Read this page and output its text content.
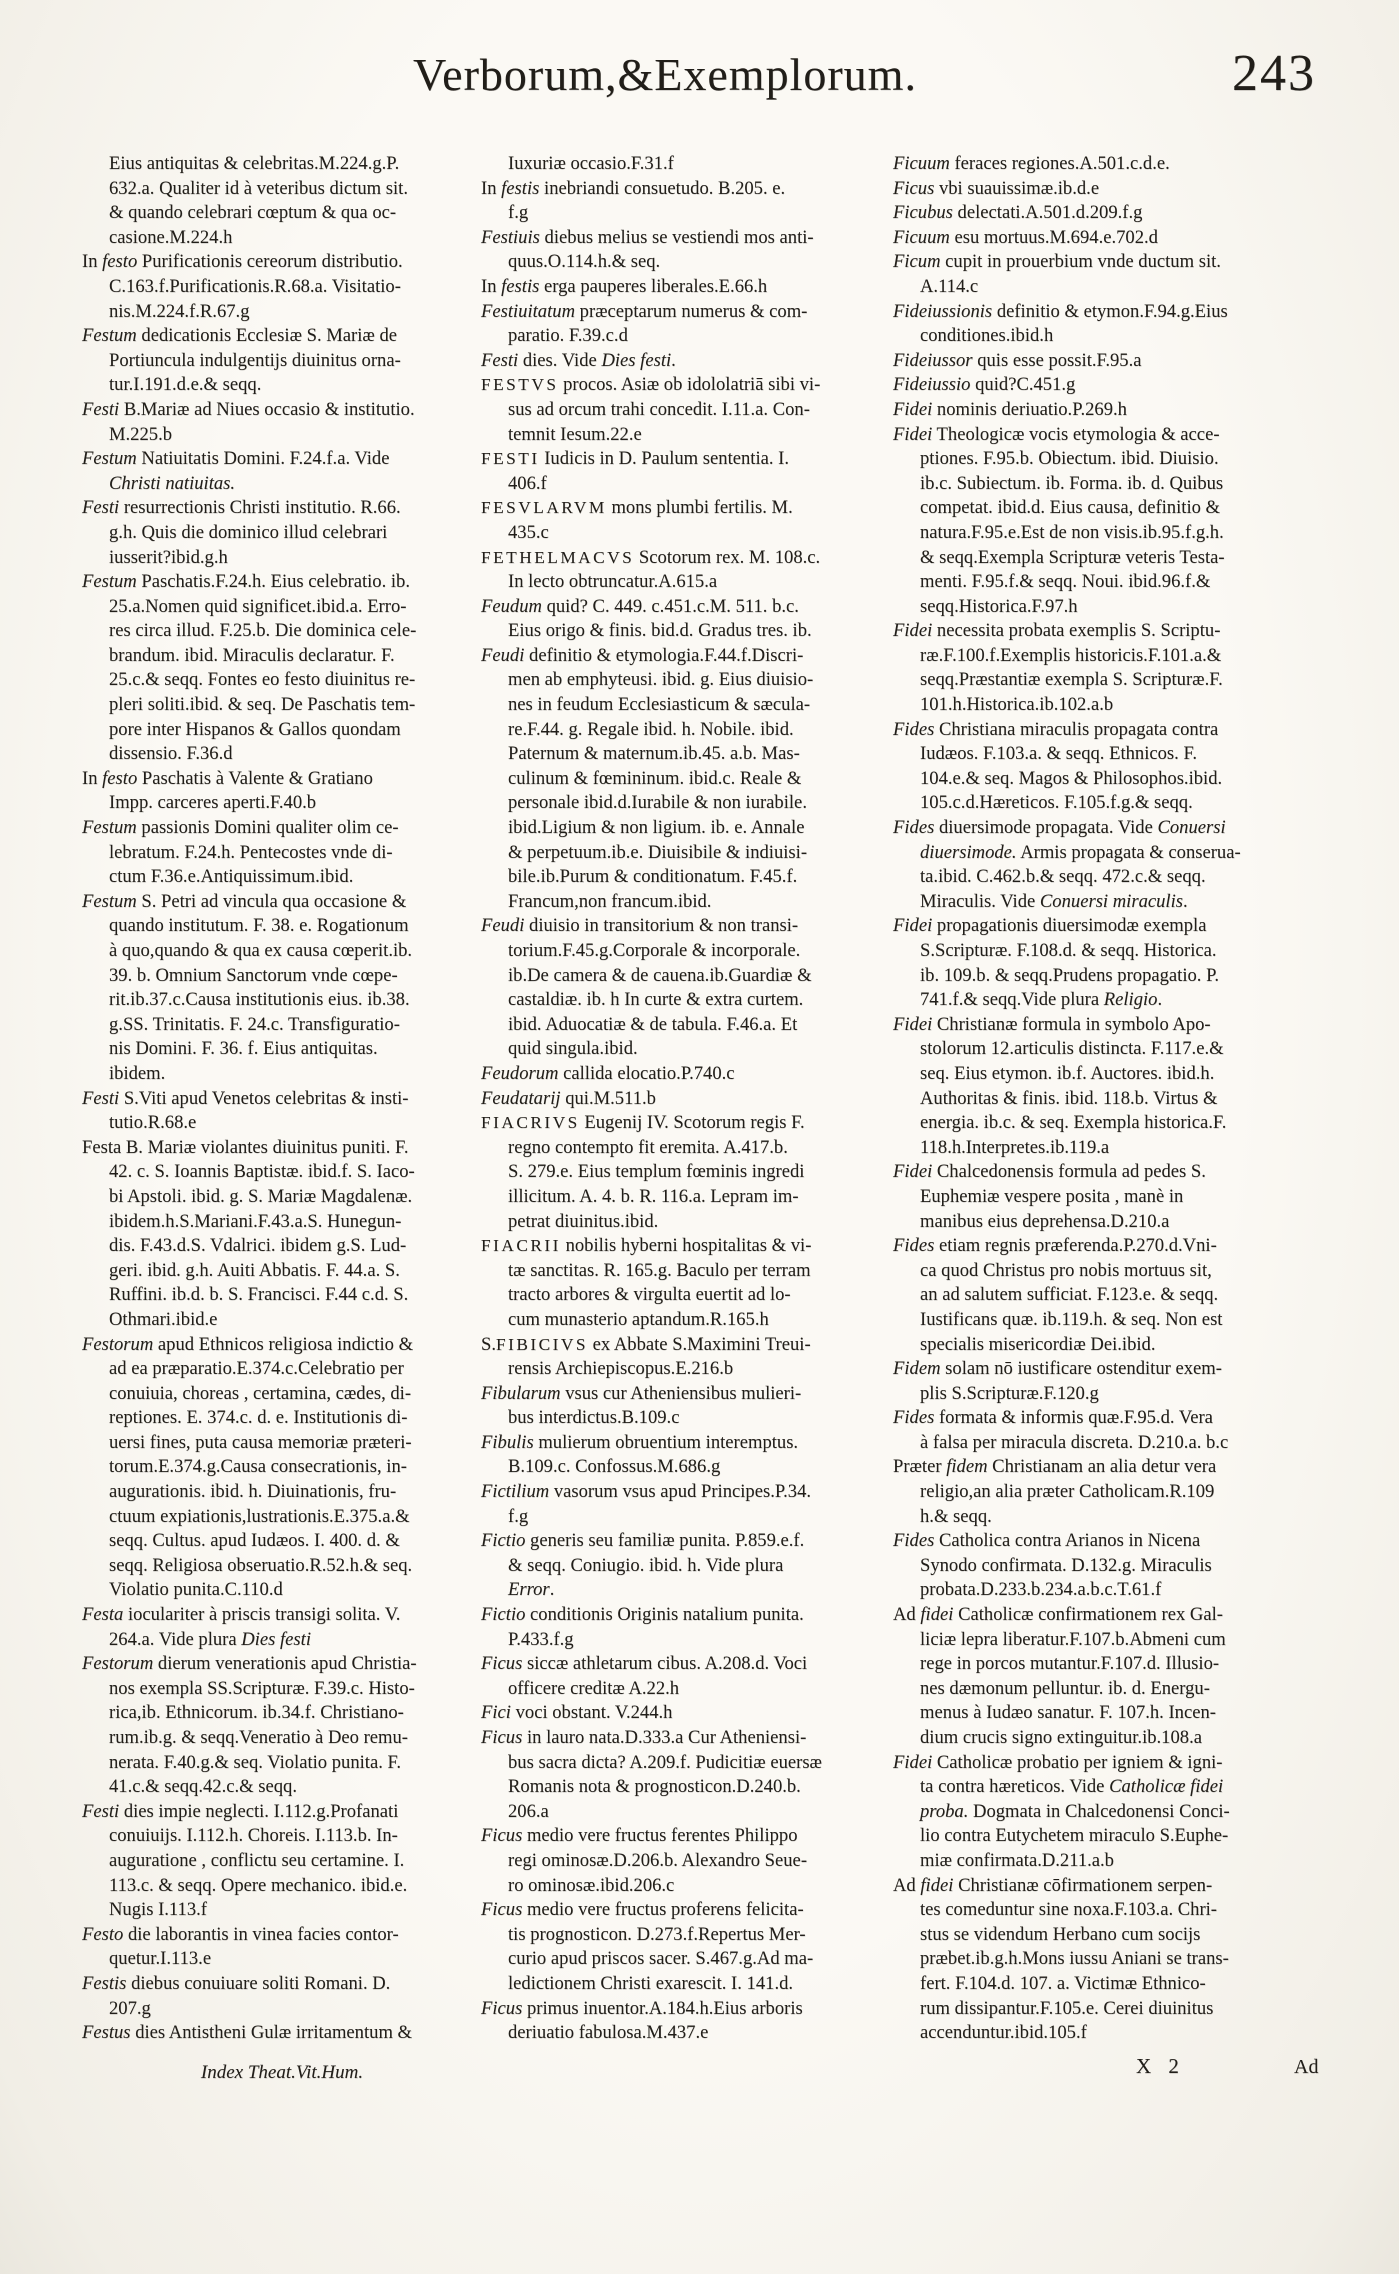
Verborum,&Exemplorum.	243
Eius antiquitas & celebritas.M.224.g.P.
632.a. Qualiter id à veteribus dictum sit.
& quando celebrari cœptum & qua oc-
casione.M.224.h
In festo Purificationis cereorum distributio.
C.163.f.Purificationis.R.68.a. Visitatio-
nis.M.224.f.R.67.g
Festum dedicationis Ecclesiæ S. Mariæ de
Portiuncula indulgentijs diuinitus orna-
tur.I.191.d.e.& seqq.
Festi B.Mariæ ad Niues occasio & institutio.
M.225.b
Festum Natiuitatis Domini. F.24.f.a. Vide
Christi natiuitas.
Festi resurrectionis Christi institutio. R.66.
g.h. Quis die dominico illud celebrari
iusserit?ibid.g.h
Festum Paschatis.F.24.h. Eius celebratio. ib.
25.a.Nomen quid significet.ibid.a. Erro-
res circa illud. F.25.b. Die dominica cele-
brandum. ibid. Miraculis declaratur. F.
25.c.& seqq. Fontes eo festo diuinitus re-
pleri soliti.ibid. & seq. De Paschatis tem-
pore inter Hispanos & Gallos quondam
dissensio. F.36.d
In festo Paschatis à Valente & Gratiano
Impp. carceres aperti.F.40.b
Festum passionis Domini qualiter olim ce-
lebratum. F.24.h. Pentecostes vnde di-
ctum F.36.e.Antiquissimum.ibid.
Festum S. Petri ad vincula qua occasione &
quando institutum. F. 38. e. Rogationum
à quo,quando & qua ex causa cœperit.ib.
39. b. Omnium Sanctorum vnde cœpe-
rit.ib.37.c.Causa institutionis eius. ib.38.
g.SS. Trinitatis. F. 24.c. Transfiguratio-
nis Domini. F. 36. f. Eius antiquitas.
ibidem.
Festi S.Viti apud Venetos celebritas & insti-
tutio.R.68.e
Festa B. Mariæ violantes diuinitus puniti. F.
42. c. S. Ioannis Baptistæ. ibid.f. S. Iaco-
bi Apstoli. ibid. g. S. Mariæ Magdalenæ.
ibidem.h.S.Mariani.F.43.a.S. Hunegun-
dis. F.43.d.S. Vdalrici. ibidem g.S. Lud-
geri. ibid. g.h. Auiti Abbatis. F. 44.a. S.
Ruffini. ib.d. b. S. Francisci. F.44 c.d. S.
Othmari.ibid.e
Festorum apud Ethnicos religiosa indictio &
ad ea præparatio.E.374.c.Celebratio per
conuiuia, choreas , certamina, cædes, di-
reptiones. E. 374.c. d. e. Institutionis di-
uersi fines, puta causa memoriæ præteri-
torum.E.374.g.Causa consecrationis, in-
augurationis. ibid. h. Diuinationis, fru-
ctuum expiationis,lustrationis.E.375.a.&
seqq. Cultus. apud Iudæos. I. 400. d. &
seqq. Religiosa obseruatio.R.52.h.& seq.
Violatio punita.C.110.d
Festa ioculariter à priscis transigi solita. V.
264.a. Vide plura Dies festi
Festorum dierum venerationis apud Christia-
nos exempla SS.Scripturæ. F.39.c. Histo-
rica,ib. Ethnicorum. ib.34.f. Christiano-
rum.ib.g. & seqq.Veneratio à Deo remu-
nerata. F.40.g.& seq. Violatio punita. F.
41.c.& seqq.42.c.& seqq.
Festi dies impie neglecti. I.112.g.Profanati
conuiuijs. I.112.h. Choreis. I.113.b. In-
auguratione , conflictu seu certamine. I.
113.c. & seqq. Opere mechanico. ibid.e.
Nugis I.113.f
Festo die laborantis in vinea facies contor-
quetur.I.113.e
Festis diebus conuiuare soliti Romani. D.
207.g
Festus dies Antistheni Gulæ irritamentum &
Iuxuriæ occasio.F.31.f
In festis inebriandi consuetudo. B.205. e.
f.g
Festiuis diebus melius se vestiendi mos anti-
quus.O.114.h.& seq.
In festis erga pauperes liberales.E.66.h
Festiuitatum præceptarum numerus & com-
paratio. F.39.c.d
Festi dies. Vide Dies festi.
FESTVS procos. Asiæ ob idololatriā sibi vi-
sus ad orcum trahi concedit. I.11.a. Con-
temnit Iesum.22.e
FESTI Iudicis in D. Paulum sententia. I.
406.f
FESVLARVM mons plumbi fertilis. M.
435.c
FETHELMACVS Scotorum rex. M. 108.c.
In lecto obtruncatur.A.615.a
Feudum quid? C. 449. c.451.c.M. 511. b.c.
Eius origo & finis. bid.d. Gradus tres. ib.
Feudi definitio & etymologia.F.44.f.Discri-
men ab emphyteusi. ibid. g. Eius diuisio-
nes in feudum Ecclesiasticum & sæcula-
re.F.44. g. Regale ibid. h. Nobile. ibid.
Paternum & maternum.ib.45. a.b. Mas-
culinum & fœmininum. ibid.c. Reale &
personale ibid.d.Iurabile & non iurabile.
ibid.Ligium & non ligium. ib. e. Annale
& perpetuum.ib.e. Diuisibile & indiuisi-
bile.ib.Purum & conditionatum. F.45.f.
Francum,non francum.ibid.
Feudi diuisio in transitorium & non transi-
torium.F.45.g.Corporale & incorporale.
ib.De camera & de cauena.ib.Guardiæ &
castaldiæ. ib. h In curte & extra curtem.
ibid. Aduocatiæ & de tabula. F.46.a. Et
quid singula.ibid.
Feudorum callida elocatio.P.740.c
Feudatarij qui.M.511.b
FIACRIVS Eugenij IV. Scotorum regis F.
regno contempto fit eremita. A.417.b.
S. 279.e. Eius templum fœminis ingredi
illicitum. A. 4. b. R. 116.a. Lepram im-
petrat diuinitus.ibid.
FIACRII nobilis hyberni hospitalitas & vi-
tæ sanctitas. R. 165.g. Baculo per terram
tracto arbores & virgulta euertit ad lo-
cum munasterio aptandum.R.165.h
S.FIBICIVS ex Abbate S.Maximini Treui-
rensis Archiepiscopus.E.216.b
Fibularum vsus cur Atheniensibus mulieri-
bus interdictus.B.109.c
Fibulis mulierum obruentium interemptus.
B.109.c. Confossus.M.686.g
Fictilium vasorum vsus apud Principes.P.34.
f.g
Fictio generis seu familiæ punita. P.859.e.f.
& seqq. Coniugio. ibid. h. Vide plura
Error.
Fictio conditionis Originis natalium punita.
P.433.f.g
Ficus siccæ athletarum cibus. A.208.d. Voci
officere creditæ A.22.h
Fici voci obstant. V.244.h
Ficus in lauro nata.D.333.a Cur Atheniensi-
bus sacra dicta? A.209.f. Pudicitiæ euersæ
Romanis nota & prognosticon.D.240.b.
206.a
Ficus medio vere fructus ferentes Philippo
regi ominosæ.D.206.b. Alexandro Seue-
ro ominosæ.ibid.206.c
Ficus medio vere fructus proferens felicita-
tis prognosticon. D.273.f.Repertus Mer-
curio apud priscos sacer. S.467.g.Ad ma-
ledictionem Christi exarescit. I. 141.d.
Ficus primus inuentor.A.184.h.Eius arboris
deriuatio fabulosa.M.437.e
Ficuum feraces regiones.A.501.c.d.e.
Ficus vbi suauissimæ.ib.d.e
Ficubus delectati.A.501.d.209.f.g
Ficuum esu mortuus.M.694.e.702.d
Ficum cupit in prouerbium vnde ductum sit.
A.114.c
Fideiussionis definitio & etymon.F.94.g.Eius
conditiones.ibid.h
Fideiussor quis esse possit.F.95.a
Fideiussio quid?C.451.g
Fidei nominis deriuatio.P.269.h
Fidei Theologicæ vocis etymologia & acce-
ptiones. F.95.b. Obiectum. ibid. Diuisio.
ib.c. Subiectum. ib. Forma. ib. d. Quibus
competat. ibid.d. Eius causa, definitio &
natura.F.95.e.Est de non visis.ib.95.f.g.h.
& seqq.Exempla Scripturæ veteris Testa-
menti. F.95.f.& seqq. Noui. ibid.96.f.&
seqq.Historica.F.97.h
Fidei necessita probata exemplis S. Scriptu-
ræ.F.100.f.Exemplis historicis.F.101.a.&
seqq.Præstantiæ exempla S. Scripturæ.F.
101.h.Historica.ib.102.a.b
Fides Christiana miraculis propagata contra
Iudæos. F.103.a. & seqq. Ethnicos. F.
104.e.& seq. Magos & Philosophos.ibid.
105.c.d.Hæreticos. F.105.f.g.& seqq.
Fides diuersimode propagata. Vide Conuersi
diuersimode. Armis propagata & conserua-
ta.ibid. C.462.b.& seqq. 472.c.& seqq.
Miraculis. Vide Conuersi miraculis.
Fidei propagationis diuersimodæ exempla
S.Scripturæ. F.108.d. & seqq. Historica.
ib. 109.b. & seqq.Prudens propagatio. P.
741.f.& seqq.Vide plura Religio.
Fidei Christianæ formula in symbolo Apo-
stolorum 12.articulis distincta. F.117.e.&
seq. Eius etymon. ib.f. Auctores. ibid.h.
Authoritas & finis. ibid. 118.b. Virtus &
energia. ib.c. & seq. Exempla historica.F.
118.h.Interpretes.ib.119.a
Fidei Chalcedonensis formula ad pedes S.
Euphemiæ vespere posita , manè in
manibus eius deprehensa.D.210.a
Fides etiam regnis præferenda.P.270.d.Vni-
ca quod Christus pro nobis mortuus sit,
an ad salutem sufficiat. F.123.e. & seqq.
Iustificans quæ. ib.119.h. & seq. Non est
specialis misericordiæ Dei.ibid.
Fidem solam nō iustificare ostenditur exem-
plis S.Scripturæ.F.120.g
Fides formata & informis quæ.F.95.d. Vera
à falsa per miracula discreta. D.210.a. b.c
Præter fidem Christianam an alia detur vera
religio,an alia præter Catholicam.R.109
h.& seqq.
Fides Catholica contra Arianos in Nicena
Synodo confirmata. D.132.g. Miraculis
probata.D.233.b.234.a.b.c.T.61.f
Ad fidei Catholicæ confirmationem rex Gal-
liciæ lepra liberatur.F.107.b.Abmeni cum
rege in porcos mutantur.F.107.d. Illusio-
nes dæmonum pelluntur. ib. d. Energu-
menus à Iudæo sanatur. F. 107.h. Incen-
dium crucis signo extinguitur.ib.108.a
Fidei Catholicæ probatio per igniem & igni-
ta contra hæreticos. Vide Catholicæ fidei
proba. Dogmata in Chalcedonensi Conci-
lio contra Eutychetem miraculo S.Euphe-
miæ confirmata.D.211.a.b
Ad fidei Christianæ cōfirmationem serpen-
tes comeduntur sine noxa.F.103.a. Chri-
stus se videndum Herbano cum socijs
præbet.ib.g.h.Mons iussu Aniani se trans-
fert. F.104.d. 107. a. Victimæ Ethnico-
rum dissipantur.F.105.e. Cerei diuinitus
accenduntur.ibid.105.f
Index Theat.Vit.Hum.	X 2	Ad
